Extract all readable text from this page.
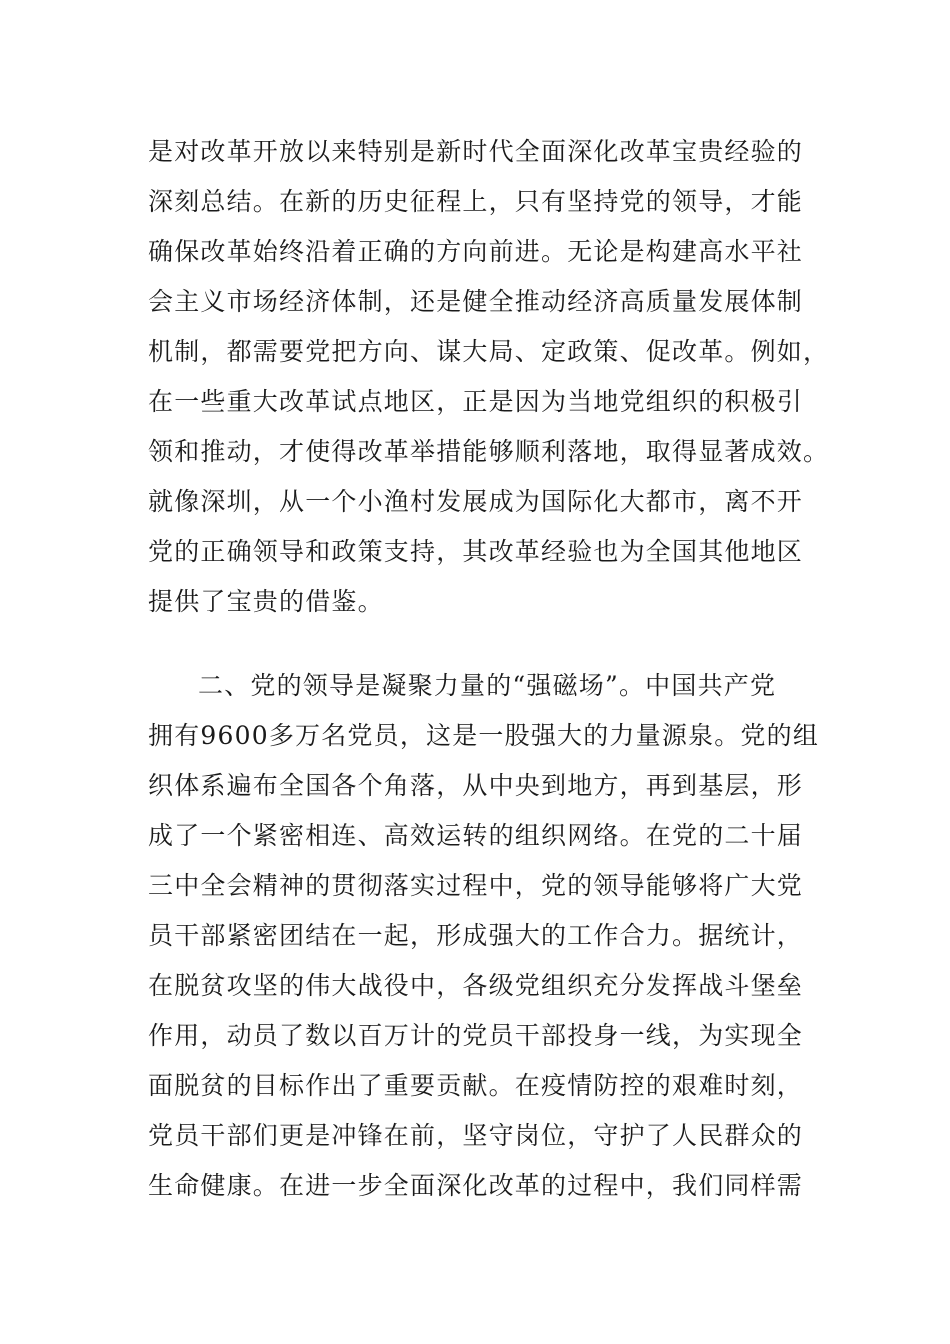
是对改革开放以来特别是新时代全面深化改革宝贵经验的
深刻总结。在新的历史征程上，只有坚持党的领导，才能
确保改革始终沿着正确的方向前进。无论是构建高水平社
会主义市场经济体制，还是健全推动经济高质量发展体制
机制，都需要党把方向、谋大局、定政策、促改革。例如，
在一些重大改革试点地区，正是因为当地党组织的积极引
领和推动，才使得改革举措能够顺利落地，取得显著成效。
就像深圳，从一个小渔村发展成为国际化大都市，离不开
党的正确领导和政策支持，其改革经验也为全国其他地区
提供了宝贵的借鉴。
二、党的领导是凝聚力量的“强磁场”。中国共产党
拥有9600多万名党员，这是一股强大的力量源泉。党的组
织体系遍布全国各个角落，从中央到地方，再到基层，形
成了一个紧密相连、高效运转的组织网络。在党的二十届
三中全会精神的贯彻落实过程中，党的领导能够将广大党
员干部紧密团结在一起，形成强大的工作合力。据统计，
在脱贫攻坚的伟大战役中，各级党组织充分发挥战斗堡垒
作用，动员了数以百万计的党员干部投身一线，为实现全
面脱贫的目标作出了重要贡献。在疫情防控的艰难时刻，
党员干部们更是冲锋在前，坚守岗位，守护了人民群众的
生命健康。在进一步全面深化改革的过程中，我们同样需
